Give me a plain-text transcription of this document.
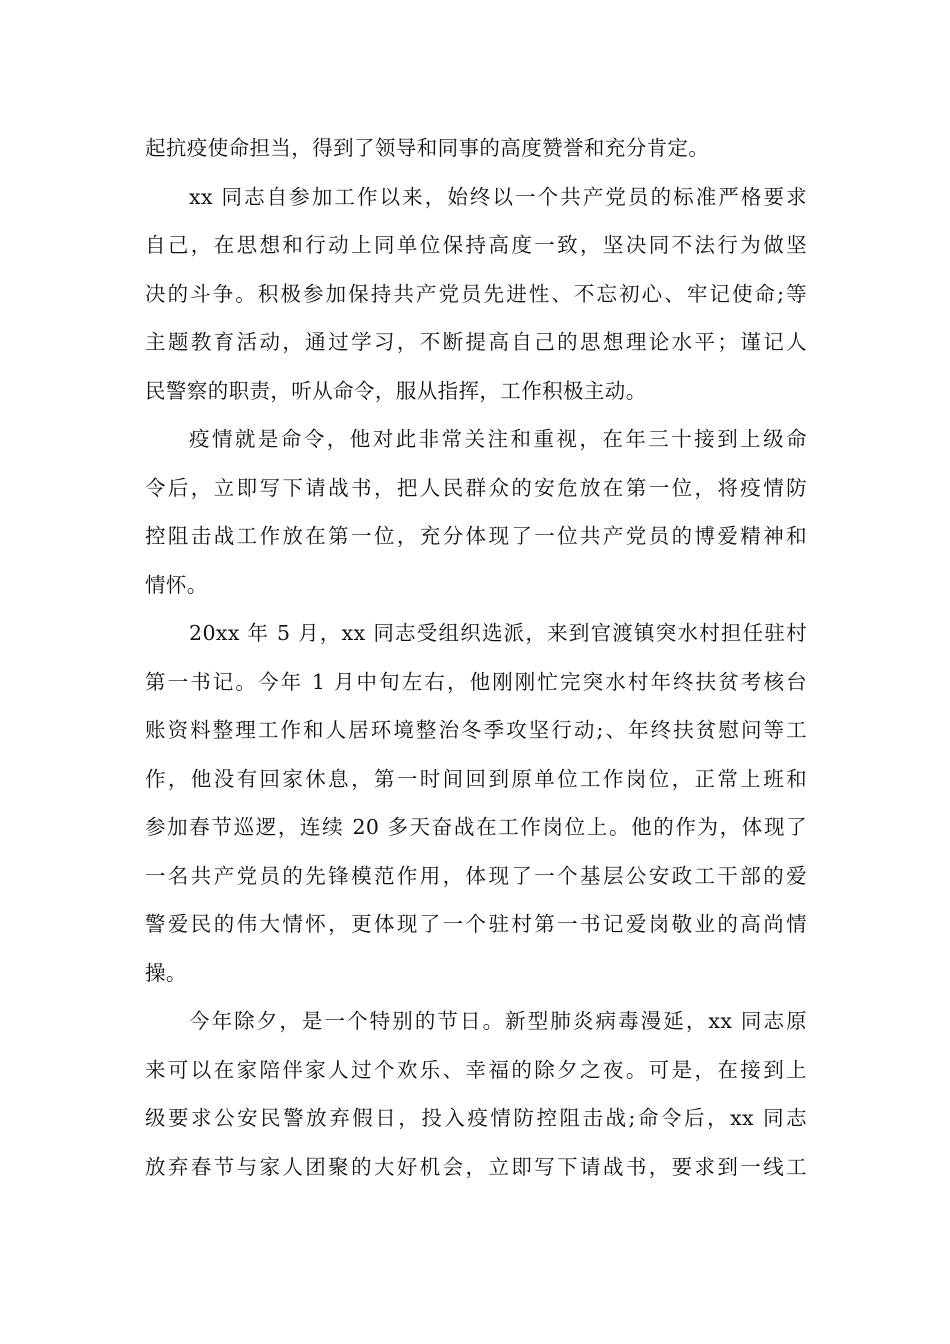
起抗疫使命担当，得到了领导和同事的高度赞誉和充分肯定。
xx 同志自参加工作以来，始终以一个共产党员的标准严格要求
自己，在思想和行动上同单位保持高度一致，坚决同不法行为做坚
决的斗争。积极参加保持共产党员先进性、不忘初心、牢记使命;等
主题教育活动，通过学习，不断提高自己的思想理论水平；谨记人
民警察的职责，听从命令，服从指挥，工作积极主动。
疫情就是命令，他对此非常关注和重视，在年三十接到上级命
令后，立即写下请战书，把人民群众的安危放在第一位，将疫情防
控阻击战工作放在第一位，充分体现了一位共产党员的博爱精神和
情怀。
20xx 年 5 月，xx 同志受组织选派，来到官渡镇突水村担任驻村
第一书记。今年 1 月中旬左右，他刚刚忙完突水村年终扶贫考核台
账资料整理工作和人居环境整治冬季攻坚行动;、年终扶贫慰问等工
作，他没有回家休息，第一时间回到原单位工作岗位，正常上班和
参加春节巡逻，连续 20 多天奋战在工作岗位上。他的作为，体现了
一名共产党员的先锋模范作用，体现了一个基层公安政工干部的爱
警爱民的伟大情怀，更体现了一个驻村第一书记爱岗敬业的高尚情
操。
今年除夕，是一个特别的节日。新型肺炎病毒漫延，xx 同志原
来可以在家陪伴家人过个欢乐、幸福的除夕之夜。可是，在接到上
级要求公安民警放弃假日，投入疫情防控阻击战;命令后，xx 同志
放弃春节与家人团聚的大好机会，立即写下请战书，要求到一线工
